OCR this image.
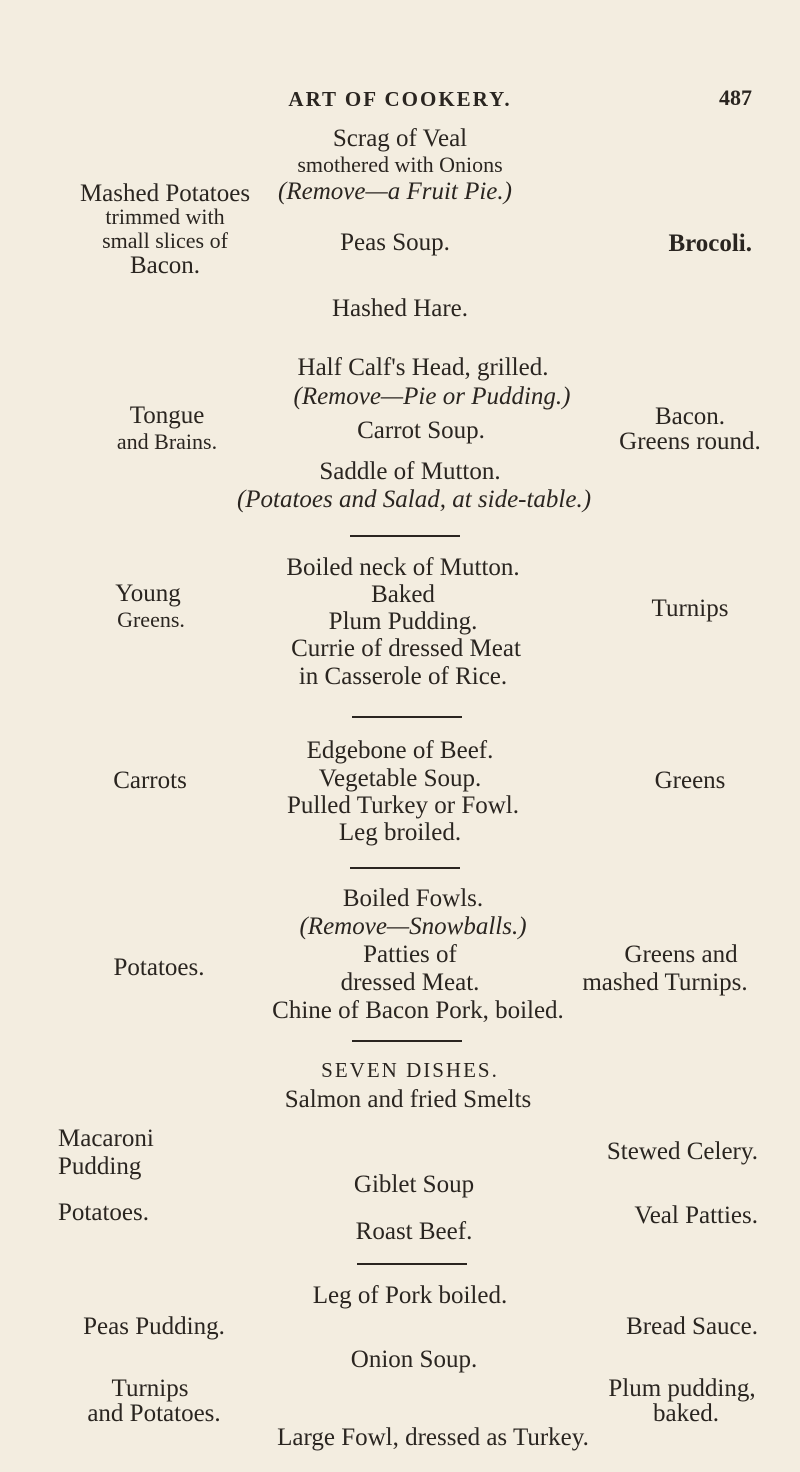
ART OF COOKERY.	487
Scrag of Veal
smothered with Onions
(Remove—a Fruit Pie.)
Peas Soup.
Hashed Hare.
Mashed Potatoes
trimmed with
small slices of
Bacon.
Brocoli.
Half Calf's Head, grilled.
(Remove—Pie or Pudding.)
Carrot Soup.
Saddle of Mutton.
(Potatoes and Salad, at side-table.)
Tongue
and Brains.
Bacon.
Greens round.
Boiled neck of Mutton.
Baked
Plum Pudding.
Currie of dressed Meat
in Casserole of Rice.
Young
Greens.	Turnips
Edgebone of Beef.
Vegetable Soup.
Pulled Turkey or Fowl.
Leg broiled.
Carrots	Greens
Boiled Fowls.
(Remove—Snowballs.)
Patties of
dressed Meat.
Chine of Bacon Pork, boiled.
Potatoes.	Greens and
mashed Turnips.
SEVEN DISHES.
Salmon and fried Smelts
Giblet Soup
Roast Beef.
Macaroni
Pudding
Potatoes.
Stewed Celery.
Veal Patties.
Leg of Pork boiled.
Onion Soup.
Large Fowl, dressed as Turkey.
Peas Pudding.
Turnips
and Potatoes.
Bread Sauce.
Plum pudding,
baked.
